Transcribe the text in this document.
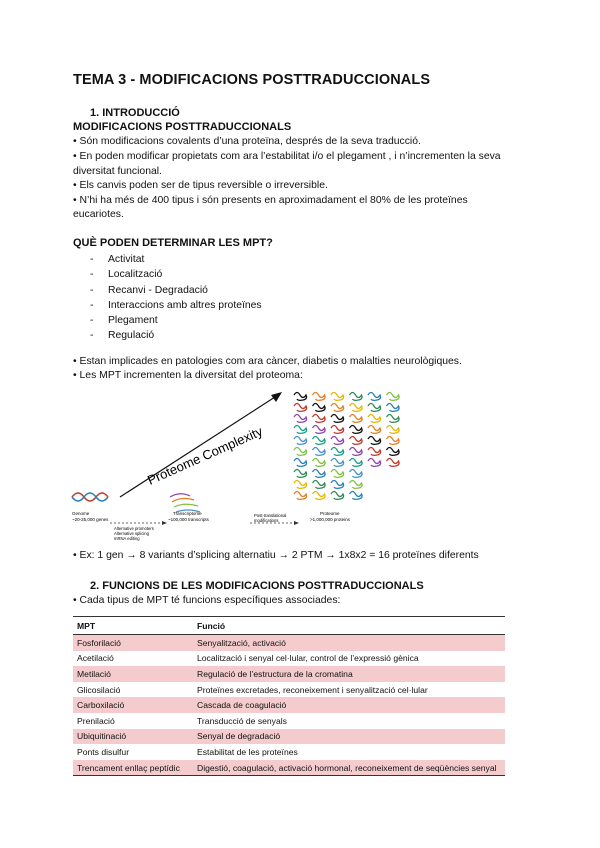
TEMA 3 - MODIFICACIONS POSTTRADUCCIONALS
1. INTRODUCCIÓ
MODIFICACIONS POSTTRADUCCIONALS
• Són modificacions covalents d’una proteïna, després de la seva traducció.
• En poden modificar propietats com ara l’estabilitat i/o el plegament , i n’incrementen la seva
diversitat funcional.
• Els canvis poden ser de tipus reversible o irreversible.
• N’hi ha més de 400 tipus i són presents en aproximadament el 80% de les proteïnes
eucariotes.
QUÈ PODEN DETERMINAR LES MPT?
- Activitat
- Localització
- Recanvi - Degradació
- Interaccions amb altres proteïnes
- Plegament
- Regulació
• Estan implicades en patologies com ara càncer, diabetis o malalties neurològiques.
• Les MPT incrementen la diversitat del proteoma:
Proteome Complexity
Genome
~20-25,000 genes
Transcriptome
~100,000 transcripts
Alternative promoters
Alternative splicing
mRNA editing
Post-translational
modifications
Proteome
>1,000,000 proteins
• Ex: 1 gen → 8 variants d’splicing alternatiu → 2 PTM → 1x8x2 = 16 proteïnes diferents
2. FUNCIONS DE LES MODIFICACIONS POSTTRADUCCIONALS
• Cada tipus de MPT té funcions específiques associades:
MPT	Funció
Fosforilació	Senyalització, activació
Acetilació	Localització i senyal cel·lular, control de l’expressió gènica
Metilació	Regulació de l’estructura de la cromatina
Glicosilació	Proteïnes excretades, reconeixement i senyalització cel·lular
Carboxilació	Cascada de coagulació
Prenilació	Transducció de senyals
Ubiquitinació	Senyal de degradació
Ponts disulfur	Estabilitat de les proteïnes
Trencament enllaç peptídic	Digestió, coagulació, activació hormonal, reconeixement de seqüències senyal
